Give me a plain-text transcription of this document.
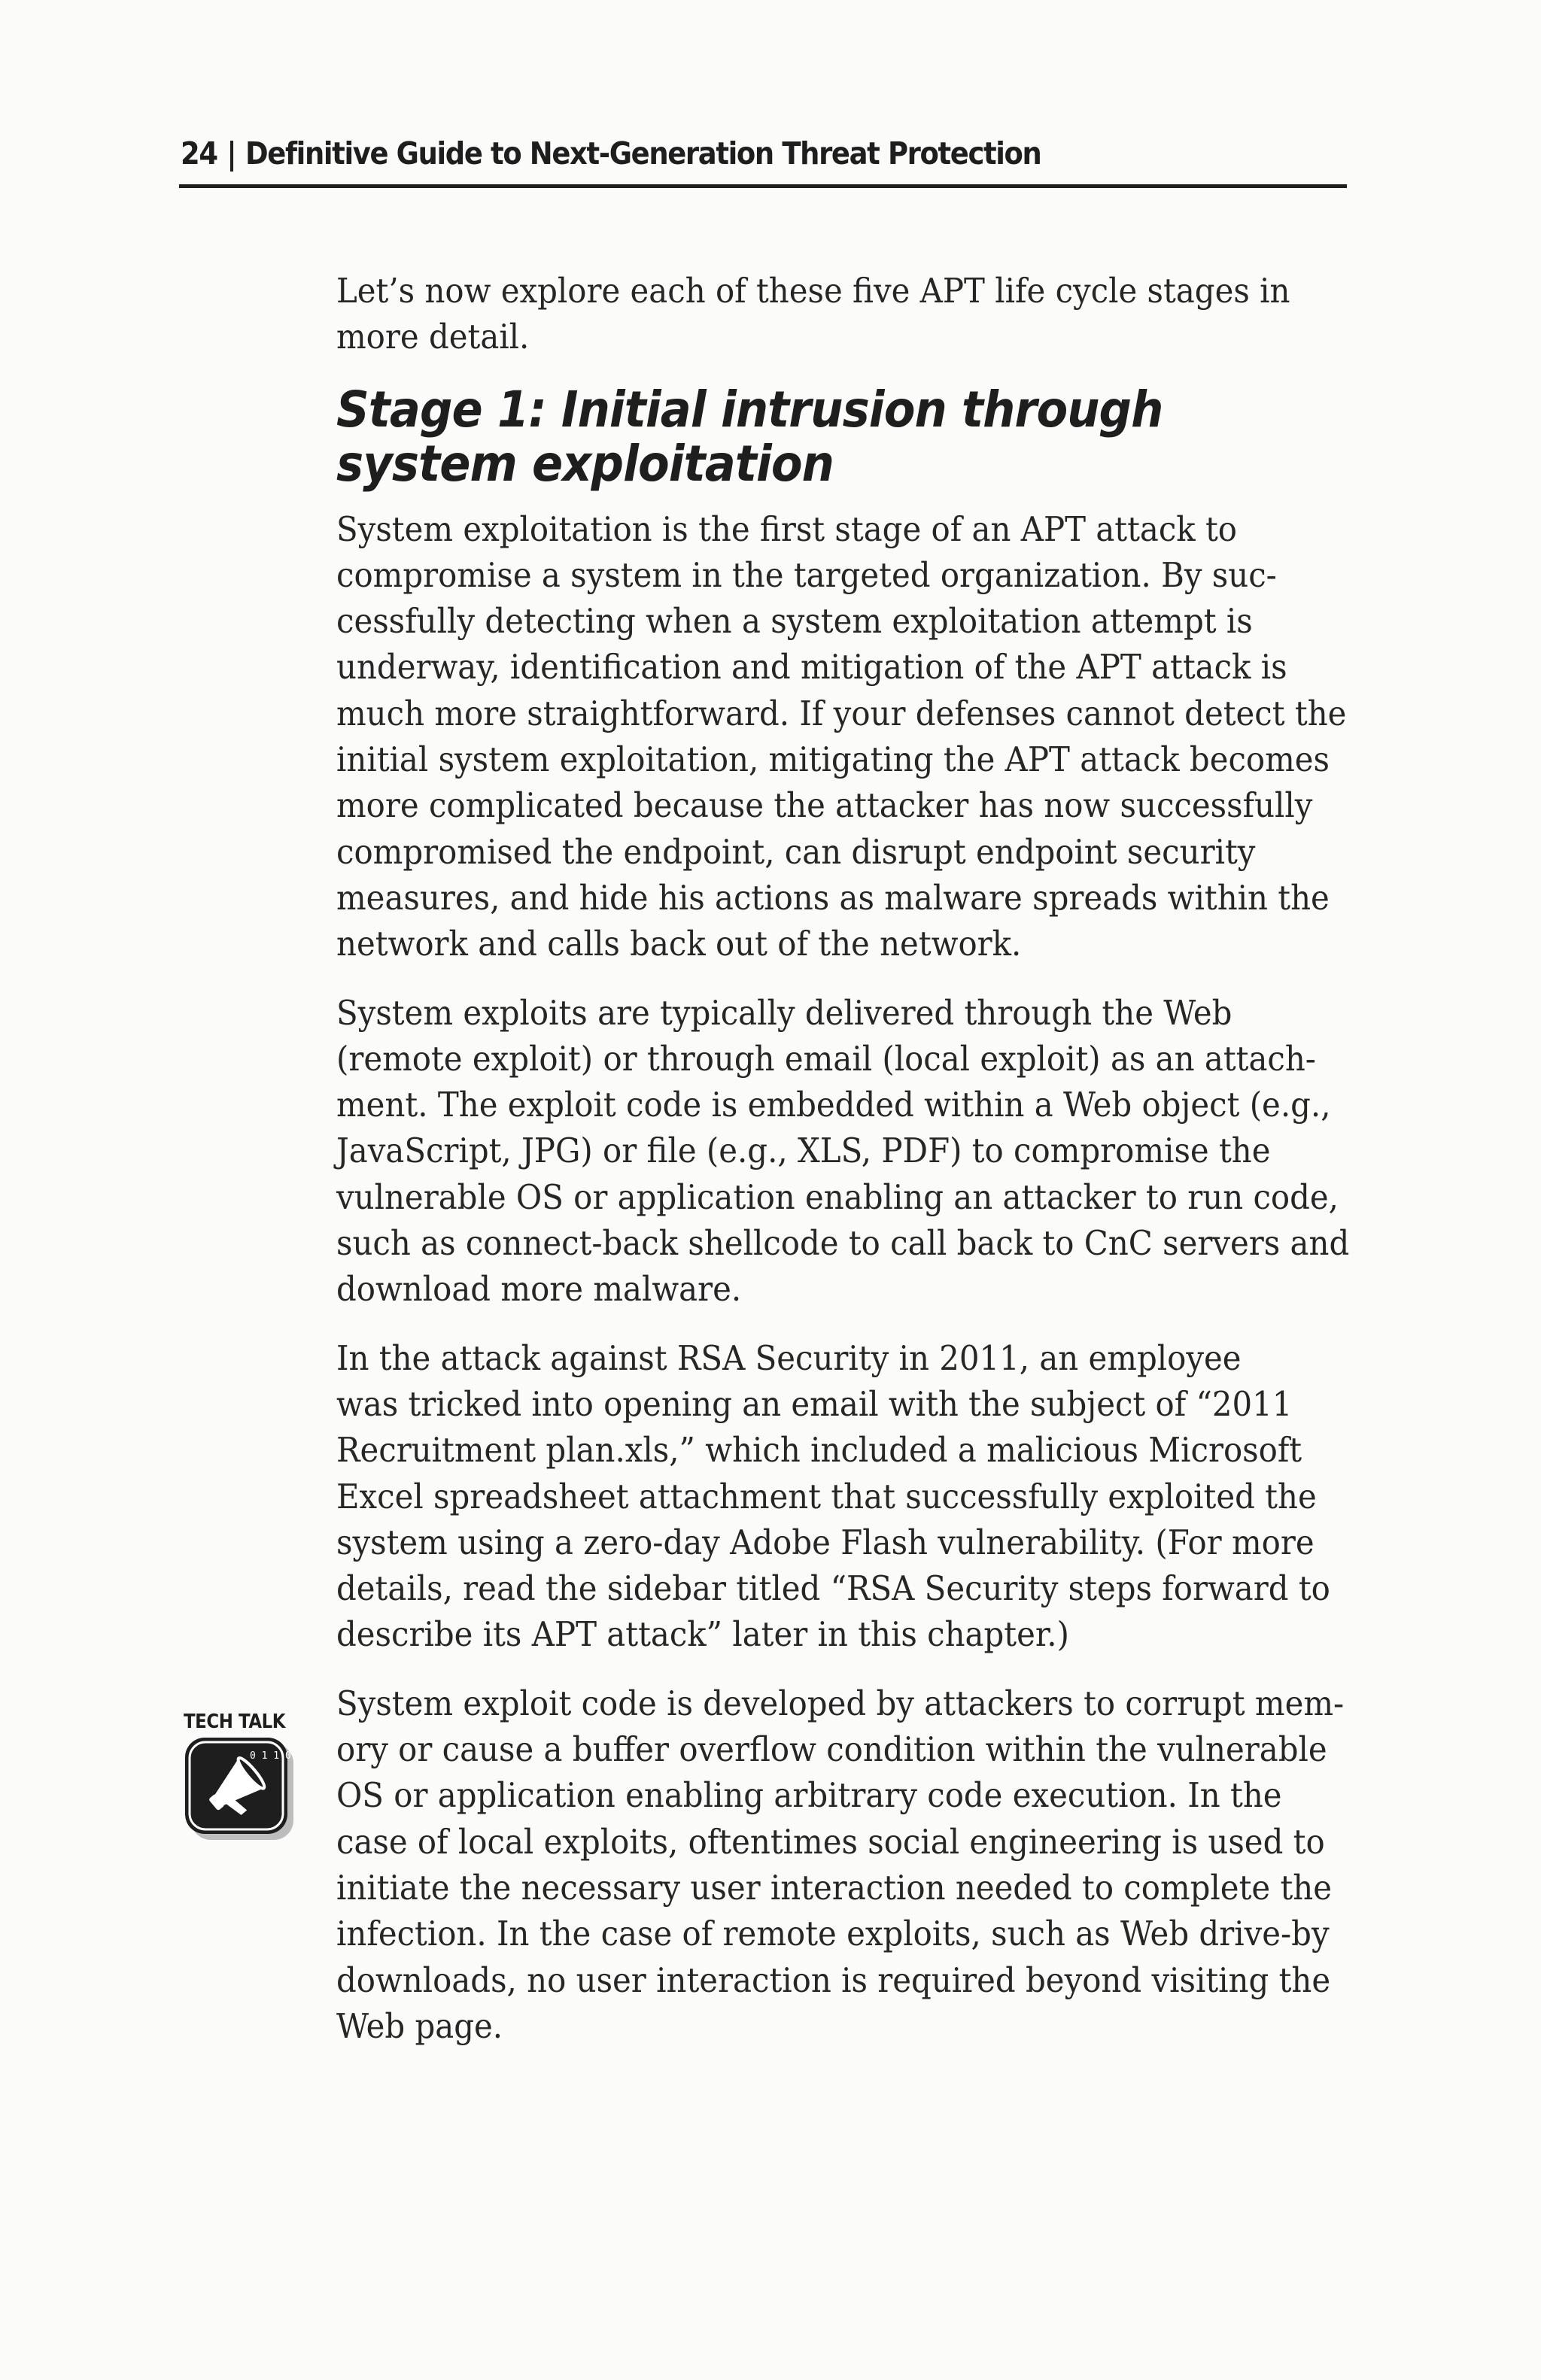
24 | Definitive Guide to Next-Generation Threat Protection

Let’s now explore each of these five APT life cycle stages in
more detail.

Stage 1: Initial intrusion through
system exploitation

System exploitation is the first stage of an APT attack to
compromise a system in the targeted organization. By suc-
cessfully detecting when a system exploitation attempt is
underway, identification and mitigation of the APT attack is
much more straightforward. If your defenses cannot detect the
initial system exploitation, mitigating the APT attack becomes
more complicated because the attacker has now successfully
compromised the endpoint, can disrupt endpoint security
measures, and hide his actions as malware spreads within the
network and calls back out of the network.

System exploits are typically delivered through the Web
(remote exploit) or through email (local exploit) as an attach-
ment. The exploit code is embedded within a Web object (e.g.,
JavaScript, JPG) or file (e.g., XLS, PDF) to compromise the
vulnerable OS or application enabling an attacker to run code,
such as connect-back shellcode to call back to CnC servers and
download more malware.

In the attack against RSA Security in 2011, an employee
was tricked into opening an email with the subject of “2011
Recruitment plan.xls,” which included a malicious Microsoft
Excel spreadsheet attachment that successfully exploited the
system using a zero-day Adobe Flash vulnerability. (For more
details, read the sidebar titled “RSA Security steps forward to
describe its APT attack” later in this chapter.)

System exploit code is developed by attackers to corrupt mem-
ory or cause a buffer overflow condition within the vulnerable
OS or application enabling arbitrary code execution. In the
case of local exploits, oftentimes social engineering is used to
initiate the necessary user interaction needed to complete the
infection. In the case of remote exploits, such as Web drive-by
downloads, no user interaction is required beyond visiting the
Web page.

TECH TALK
0 1 1 0
